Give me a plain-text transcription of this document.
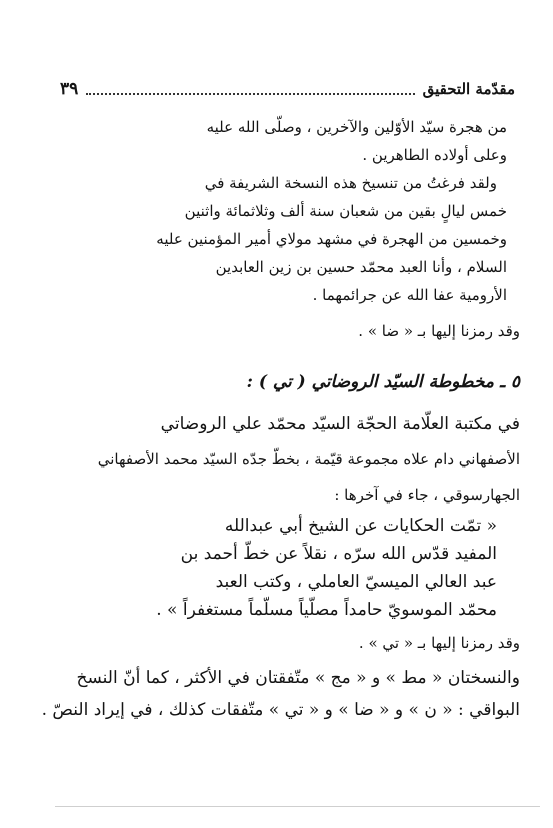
٣٩	مقدّمة التحقيق
من هجرة سيّد الأوّلين والآخرين ، وصلّى الله عليه
وعلى أولاده الطاهرين .
ولقد فرغتُ من تنسيخ هذه النسخة الشريفة في
خمس ليالٍ بقين من شعبان سنة ألف وثلاثمائة واثنين
وخمسين من الهجرة في مشهد مولاي أمير المؤمنين عليه
السلام ، وأنا العبد محمّد حسين بن زين العابدين
الأرومية عفا الله عن جرائمهما .
وقد رمزنا إليها بـ « ضا » .
٥ ـ مخطوطة السيّد الروضاتي ( تي ) :
في مكتبة العلّامة الحجّة السيّد محمّد علي الروضاتي
الأصفهاني دام علاه مجموعة قيّمة ، بخطّ جدّه السيّد محمد الأصفهاني
الجهارسوقي ، جاء في آخرها :
« تمّت الحكايات عن الشيخ أبي عبدالله
المفيد قدّس الله سرّه ، نقلاً عن خطّ أحمد بن
عبد العالي الميسيّ العاملي ، وكتب العبد
محمّد الموسويّ حامداً مصلّياً مسلّماً مستغفراً » .
وقد رمزنا إليها بـ « تي » .
والنسختان « مط » و « مج » متّفقتان في الأكثر ، كما أنّ النسخ
البواقي : « ن » و « ضا » و « تي » متّفقات كذلك ، في إيراد النصّ .
